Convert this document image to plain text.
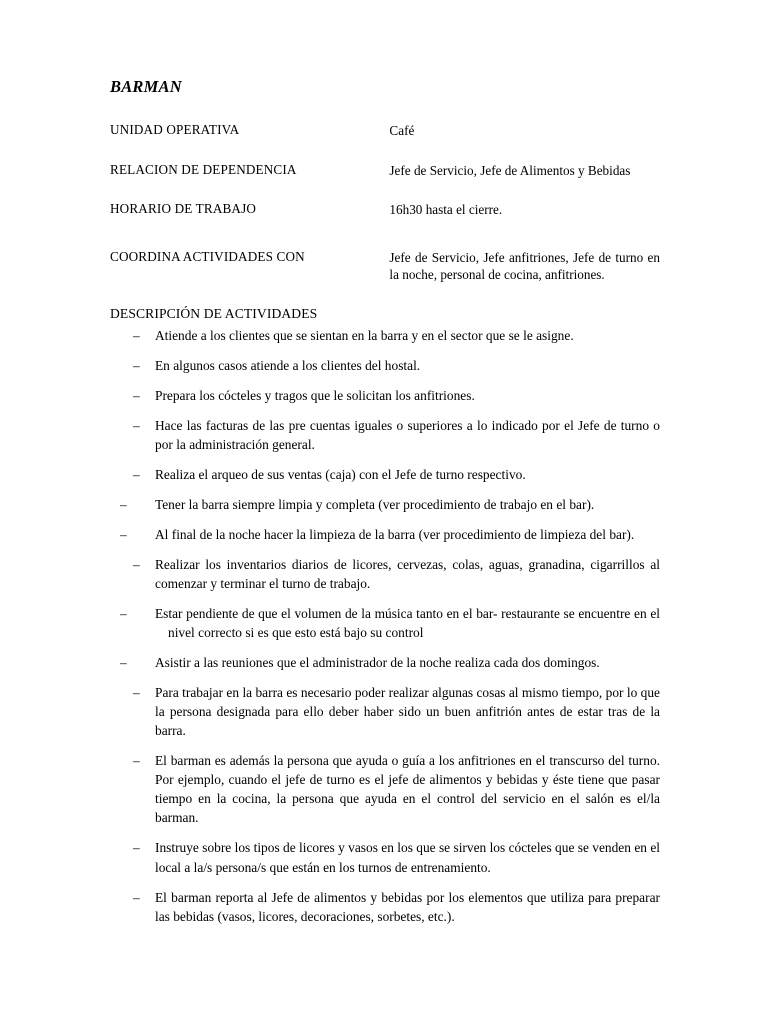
BARMAN
UNIDAD OPERATIVA	Café
RELACION DE DEPENDENCIA	Jefe de Servicio, Jefe de Alimentos y Bebidas
HORARIO DE TRABAJO	16h30 hasta el cierre.
COORDINA ACTIVIDADES CON	Jefe de Servicio, Jefe anfitriones, Jefe de turno en la noche, personal de cocina, anfitriones.
DESCRIPCIÓN DE ACTIVIDADES
– Atiende a los clientes que se sientan en la barra y en el sector que se le asigne.
– En algunos casos atiende a los clientes del hostal.
– Prepara los cócteles y tragos que le solicitan los anfitriones.
– Hace las facturas de las pre cuentas iguales o superiores a lo indicado por el Jefe de turno o por la administración general.
– Realiza el arqueo de sus ventas (caja) con el Jefe de turno respectivo.
–	Tener la barra siempre limpia y completa (ver procedimiento de trabajo en el bar).
–	Al final de la noche hacer la limpieza de la barra (ver procedimiento de limpieza del bar).
– Realizar los inventarios diarios de licores, cervezas, colas, aguas, granadina, cigarrillos al comenzar y terminar el turno de trabajo.
–	Estar pendiente de que el volumen de la música tanto en el bar- restaurante se encuentre en el nivel correcto si es que esto está bajo su control
–	Asistir a las reuniones que el administrador de la noche realiza cada dos domingos.
– Para trabajar en la barra es necesario poder realizar algunas cosas al mismo tiempo, por lo que la persona designada para ello deber haber sido un buen anfitrión antes de estar tras de la barra.
– El barman es además la persona que ayuda o guía a los anfitriones en el transcurso del turno. Por ejemplo, cuando el jefe de turno es el jefe de alimentos y bebidas y éste tiene que pasar tiempo en la cocina, la persona que ayuda en el control del servicio en el salón es el/la barman.
– Instruye sobre los tipos de licores y vasos en los que se sirven los cócteles que se venden en el local a la/s persona/s que están en los turnos de entrenamiento.
– El barman reporta al Jefe de alimentos y bebidas por los elementos que utiliza para preparar las bebidas (vasos, licores, decoraciones, sorbetes, etc.).
